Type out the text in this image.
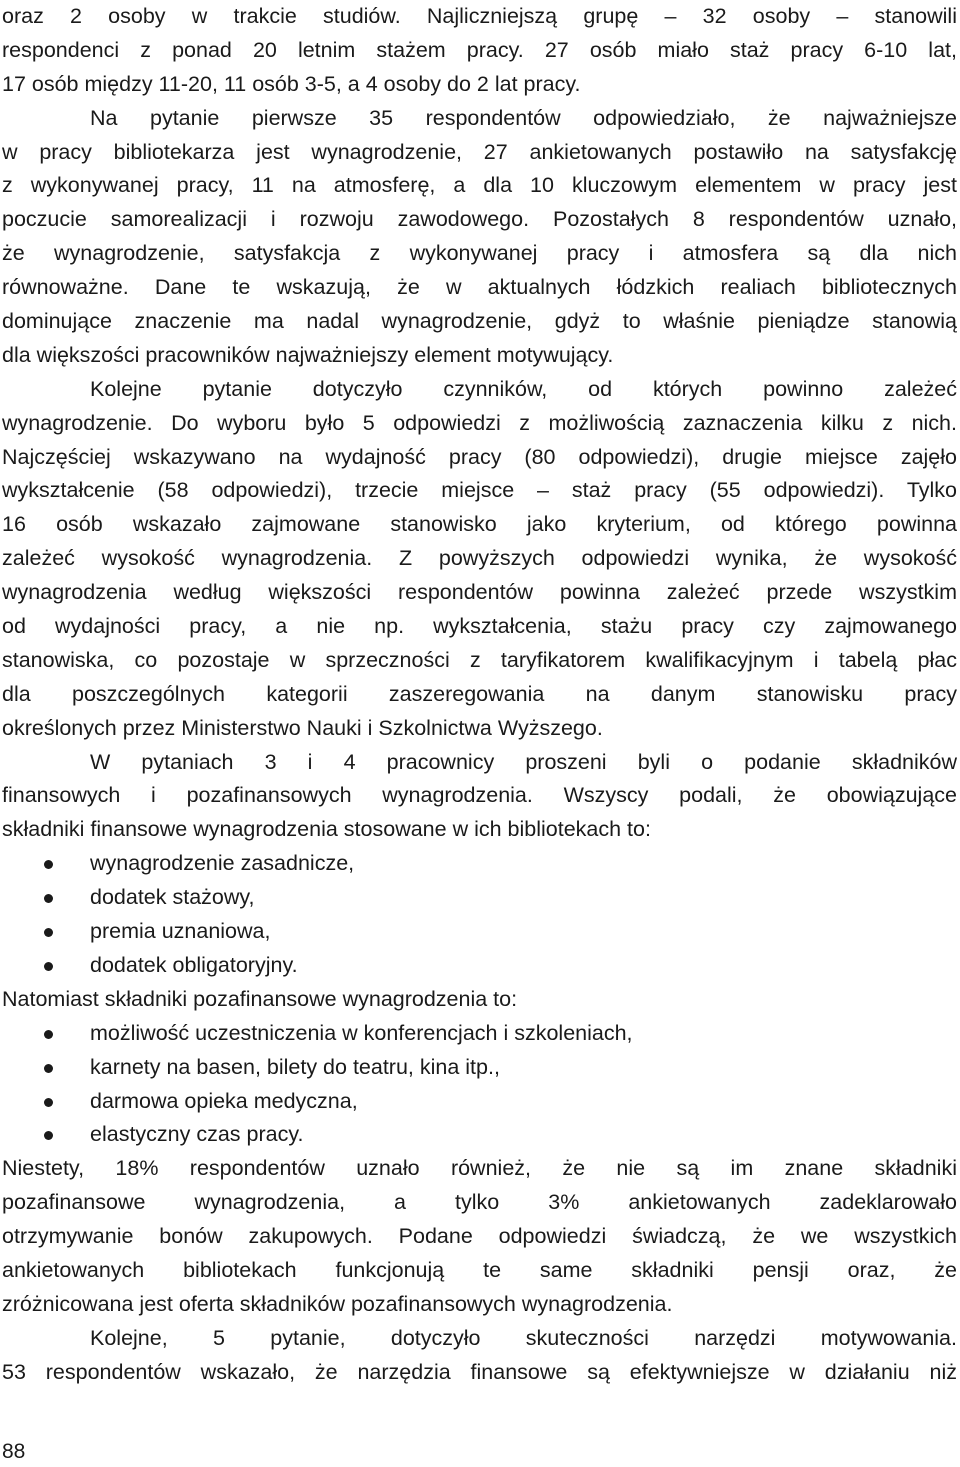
oraz 2 osoby w trakcie studiów. Najliczniejszą grupę – 32 osoby – stanowili
respondenci z ponad 20 letnim stażem pracy. 27 osób miało staż pracy 6-10 lat,
17 osób między 11-20, 11 osób 3-5, a 4 osoby do 2 lat pracy.
Na pytanie pierwsze 35 respondentów odpowiedziało, że najważniejsze
w pracy bibliotekarza jest wynagrodzenie, 27 ankietowanych postawiło na satysfakcję
z wykonywanej pracy, 11 na atmosferę, a dla 10 kluczowym elementem w pracy jest
poczucie samorealizacji i rozwoju zawodowego. Pozostałych 8 respondentów uznało,
że wynagrodzenie, satysfakcja z wykonywanej pracy i atmosfera są dla nich
równoważne. Dane te wskazują, że w aktualnych łódzkich realiach bibliotecznych
dominujące znaczenie ma nadal wynagrodzenie, gdyż to właśnie pieniądze stanowią
dla większości pracowników najważniejszy element motywujący.
Kolejne pytanie dotyczyło czynników, od których powinno zależeć
wynagrodzenie. Do wyboru było 5 odpowiedzi z możliwością zaznaczenia kilku z nich.
Najczęściej wskazywano na wydajność pracy (80 odpowiedzi), drugie miejsce zajęło
wykształcenie (58 odpowiedzi), trzecie miejsce – staż pracy (55 odpowiedzi). Tylko
16 osób wskazało zajmowane stanowisko jako kryterium, od którego powinna
zależeć wysokość wynagrodzenia. Z powyższych odpowiedzi wynika, że wysokość
wynagrodzenia według większości respondentów powinna zależeć przede wszystkim
od wydajności pracy, a nie np. wykształcenia, stażu pracy czy zajmowanego
stanowiska, co pozostaje w sprzeczności z taryfikatorem kwalifikacyjnym i tabelą płac
dla poszczególnych kategorii zaszeregowania na danym stanowisku pracy
określonych przez Ministerstwo Nauki i Szkolnictwa Wyższego.
W pytaniach 3 i 4 pracownicy proszeni byli o podanie składników
finansowych i pozafinansowych wynagrodzenia. Wszyscy podali, że obowiązujące
składniki finansowe wynagrodzenia stosowane w ich bibliotekach to:
wynagrodzenie zasadnicze,
dodatek stażowy,
premia uznaniowa,
dodatek obligatoryjny.
Natomiast składniki pozafinansowe wynagrodzenia to:
możliwość uczestniczenia w konferencjach i szkoleniach,
karnety na basen, bilety do teatru, kina itp.,
darmowa opieka medyczna,
elastyczny czas pracy.
Niestety, 18% respondentów uznało również, że nie są im znane składniki
pozafinansowe wynagrodzenia, a tylko 3% ankietowanych zadeklarowało
otrzymywanie bonów zakupowych. Podane odpowiedzi świadczą, że we wszystkich
ankietowanych bibliotekach funkcjonują te same składniki pensji oraz, że
zróżnicowana jest oferta składników pozafinansowych wynagrodzenia.
Kolejne, 5 pytanie, dotyczyło skuteczności narzędzi motywowania.
53 respondentów wskazało, że narzędzia finansowe są efektywniejsze w działaniu niż
88
